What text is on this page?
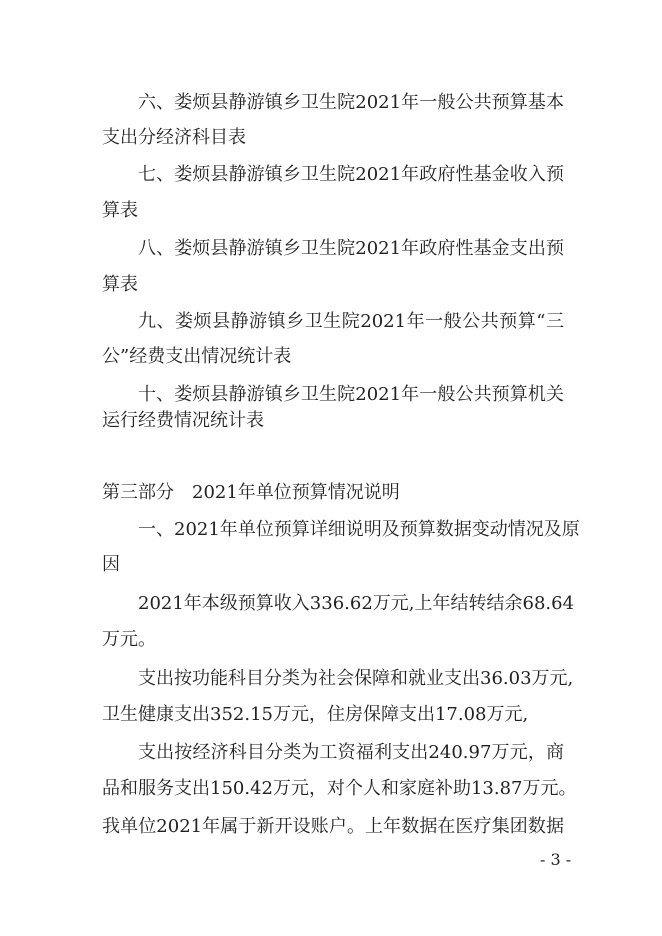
六、娄烦县静游镇乡卫生院2021年一般公共预算基本
支出分经济科目表
七、娄烦县静游镇乡卫生院2021年政府性基金收入预
算表
八、娄烦县静游镇乡卫生院2021年政府性基金支出预
算表
九、娄烦县静游镇乡卫生院2021年一般公共预算“三
公”经费支出情况统计表
十、娄烦县静游镇乡卫生院2021年一般公共预算机关
运行经费情况统计表
第三部分　2021年单位预算情况说明
一、2021年单位预算详细说明及预算数据变动情况及原
因
2021年本级预算收入336.62万元,上年结转结余68.64
万元。
支出按功能科目分类为社会保障和就业支出36.03万元,
卫生健康支出352.15万元，住房保障支出17.08万元,
支出按经济科目分类为工资福利支出240.97万元，商
品和服务支出150.42万元，对个人和家庭补助13.87万元。
我单位2021年属于新开设账户。上年数据在医疗集团数据
- 3 -
